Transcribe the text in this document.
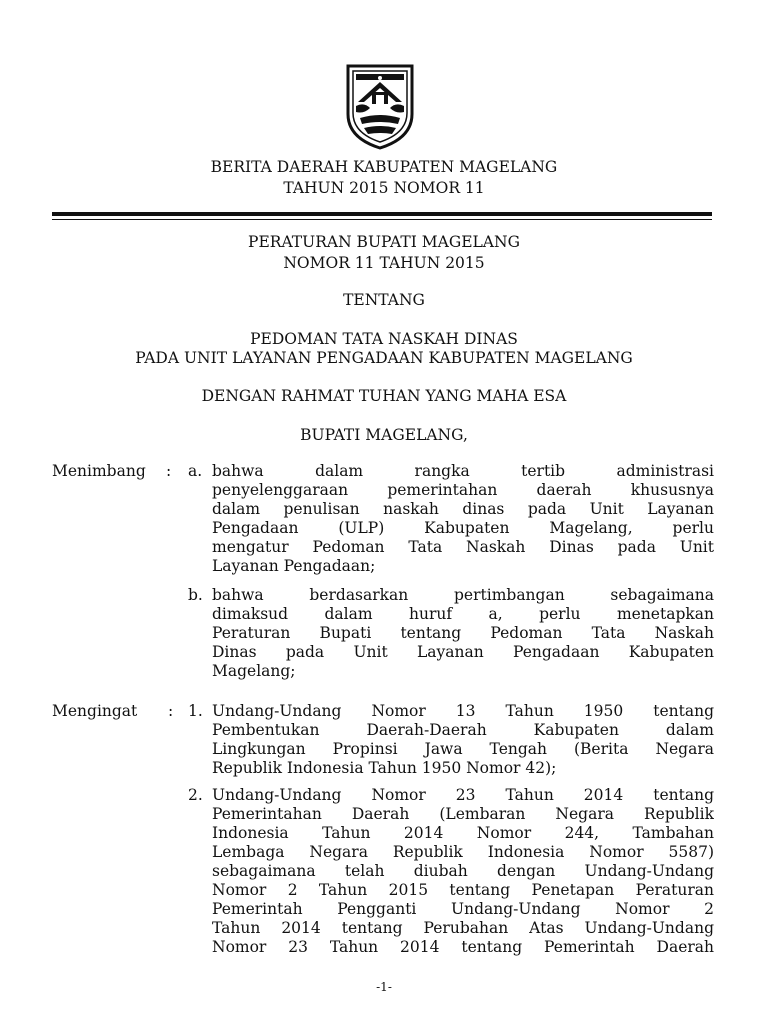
BERITA DAERAH KABUPATEN MAGELANG
TAHUN 2015 NOMOR 11
PERATURAN BUPATI MAGELANG
NOMOR 11 TAHUN 2015
TENTANG
PEDOMAN TATA NASKAH DINAS
PADA UNIT LAYANAN PENGADAAN KABUPATEN MAGELANG
DENGAN RAHMAT TUHAN YANG MAHA ESA
BUPATI MAGELANG,
Menimbang : a. bahwa dalam rangka tertib administrasi
penyelenggaraan pemerintahan daerah khususnya
dalam penulisan naskah dinas pada Unit Layanan
Pengadaan (ULP) Kabupaten Magelang, perlu
mengatur Pedoman Tata Naskah Dinas pada Unit
Layanan Pengadaan;
b. bahwa berdasarkan pertimbangan sebagaimana
dimaksud dalam huruf a, perlu menetapkan
Peraturan Bupati tentang Pedoman Tata Naskah
Dinas pada Unit Layanan Pengadaan Kabupaten
Magelang;
Mengingat : 1. Undang-Undang Nomor 13 Tahun 1950 tentang
Pembentukan Daerah-Daerah Kabupaten dalam
Lingkungan Propinsi Jawa Tengah (Berita Negara
Republik Indonesia Tahun 1950 Nomor 42);
2. Undang-Undang Nomor 23 Tahun 2014 tentang
Pemerintahan Daerah (Lembaran Negara Republik
Indonesia Tahun 2014 Nomor 244, Tambahan
Lembaga Negara Republik Indonesia Nomor 5587)
sebagaimana telah diubah dengan Undang-Undang
Nomor 2 Tahun 2015 tentang Penetapan Peraturan
Pemerintah Pengganti Undang-Undang Nomor 2
Tahun 2014 tentang Perubahan Atas Undang-Undang
Nomor 23 Tahun 2014 tentang Pemerintah Daerah
-1-
